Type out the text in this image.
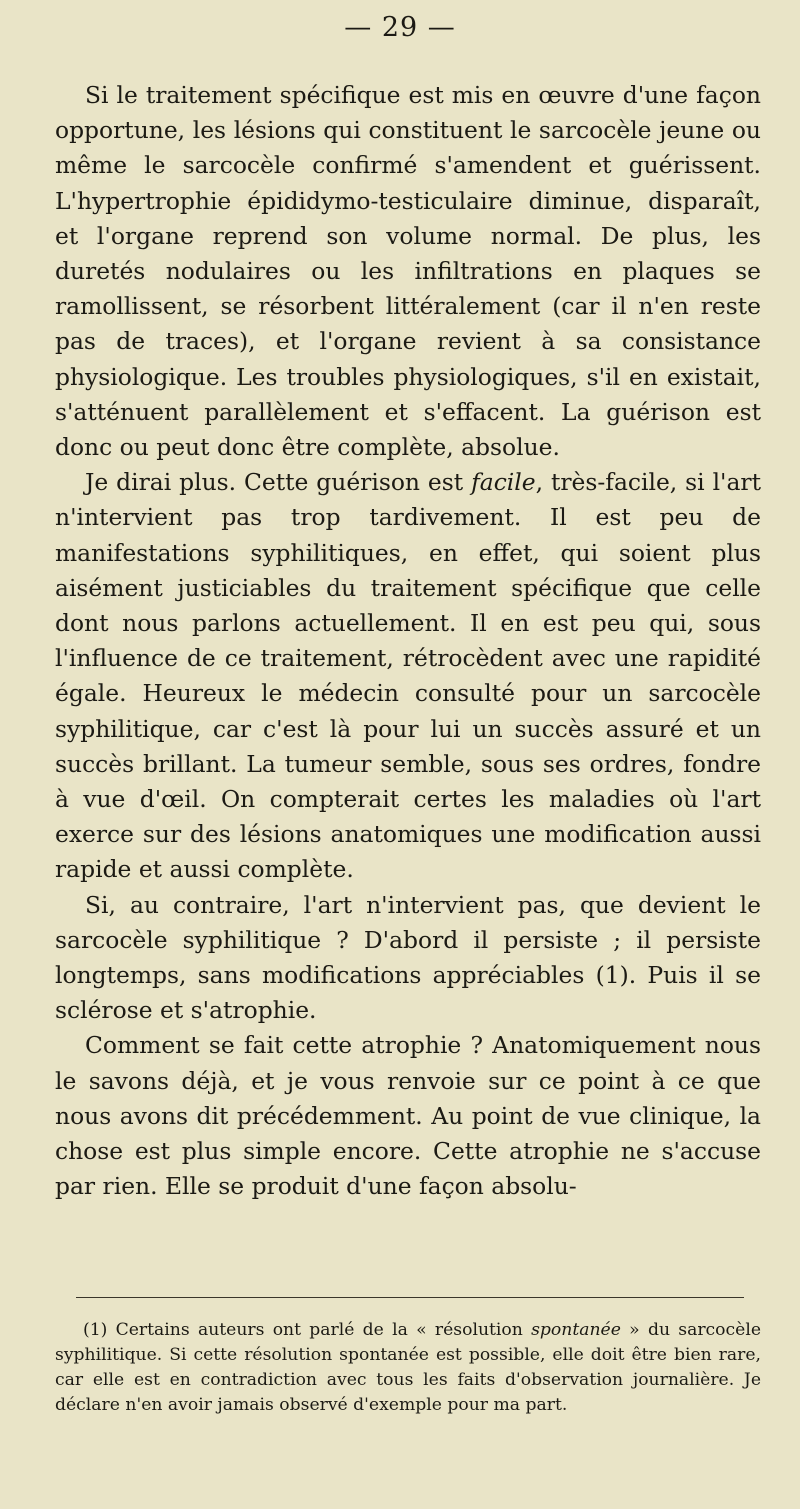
— 29 —

Si le traitement spécifique est mis en œuvre d'une façon opportune, les lésions qui constituent le sarcocèle jeune ou même le sarcocèle confirmé s'amendent et guérissent. L'hypertrophie épididymo-testiculaire diminue, disparaît, et l'organe reprend son volume normal. De plus, les duretés nodulaires ou les infiltrations en plaques se ramollissent, se résorbent littéralement (car il n'en reste pas de traces), et l'organe revient à sa consistance physiologique. Les troubles physiologiques, s'il en existait, s'atténuent parallèlement et s'effacent. La guérison est donc ou peut donc être complète, absolue.

Je dirai plus. Cette guérison est facile, très-facile, si l'art n'intervient pas trop tardivement. Il est peu de manifestations syphilitiques, en effet, qui soient plus aisément justiciables du traitement spécifique que celle dont nous parlons actuellement. Il en est peu qui, sous l'influence de ce traitement, rétrocèdent avec une rapidité égale. Heureux le médecin consulté pour un sarcocèle syphilitique, car c'est là pour lui un succès assuré et un succès brillant. La tumeur semble, sous ses ordres, fondre à vue d'œil. On compterait certes les maladies où l'art exerce sur des lésions anatomiques une modification aussi rapide et aussi complète.

Si, au contraire, l'art n'intervient pas, que devient le sarcocèle syphilitique ? D'abord il persiste ; il persiste longtemps, sans modifications appréciables (1). Puis il se sclérose et s'atrophie.

Comment se fait cette atrophie ? Anatomiquement nous le savons déjà, et je vous renvoie sur ce point à ce que nous avons dit précédemment. Au point de vue clinique, la chose est plus simple encore. Cette atrophie ne s'accuse par rien. Elle se produit d'une façon absolu-

(1) Certains auteurs ont parlé de la « résolution spontanée » du sarcocèle syphilitique. Si cette résolution spontanée est possible, elle doit être bien rare, car elle est en contradiction avec tous les faits d'observation journalière. Je déclare n'en avoir jamais observé d'exemple pour ma part.
